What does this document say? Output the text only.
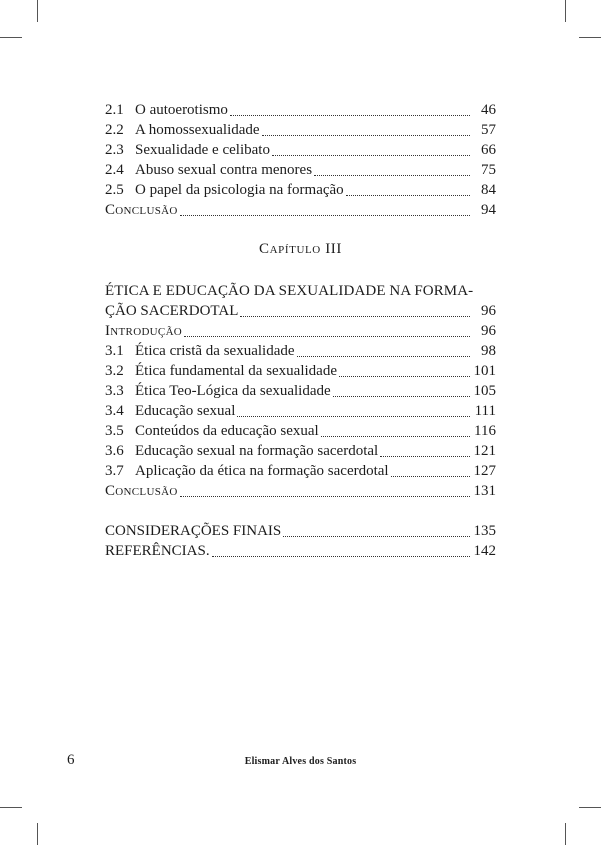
2.1 O autoerotismo	46
2.2 A homossexualidade	57
2.3 Sexualidade e celibato	66
2.4 Abuso sexual contra menores	75
2.5 O papel da psicologia na formação	84
Conclusão	94
Capítulo III
ÉTICA E EDUCAÇÃO DA SEXUALIDADE NA FORMA-
ÇÃO SACERDOTAL	96
Introdução	96
3.1 Ética cristã da sexualidade	98
3.2 Ética fundamental da sexualidade	101
3.3 Ética Teo-Lógica da sexualidade	105
3.4 Educação sexual	111
3.5 Conteúdos da educação sexual	116
3.6 Educação sexual na formação sacerdotal	121
3.7 Aplicação da ética na formação sacerdotal	127
Conclusão	131
CONSIDERAÇÕES FINAIS	135
REFERÊNCIAS.	142
6	Elismar Alves dos Santos
